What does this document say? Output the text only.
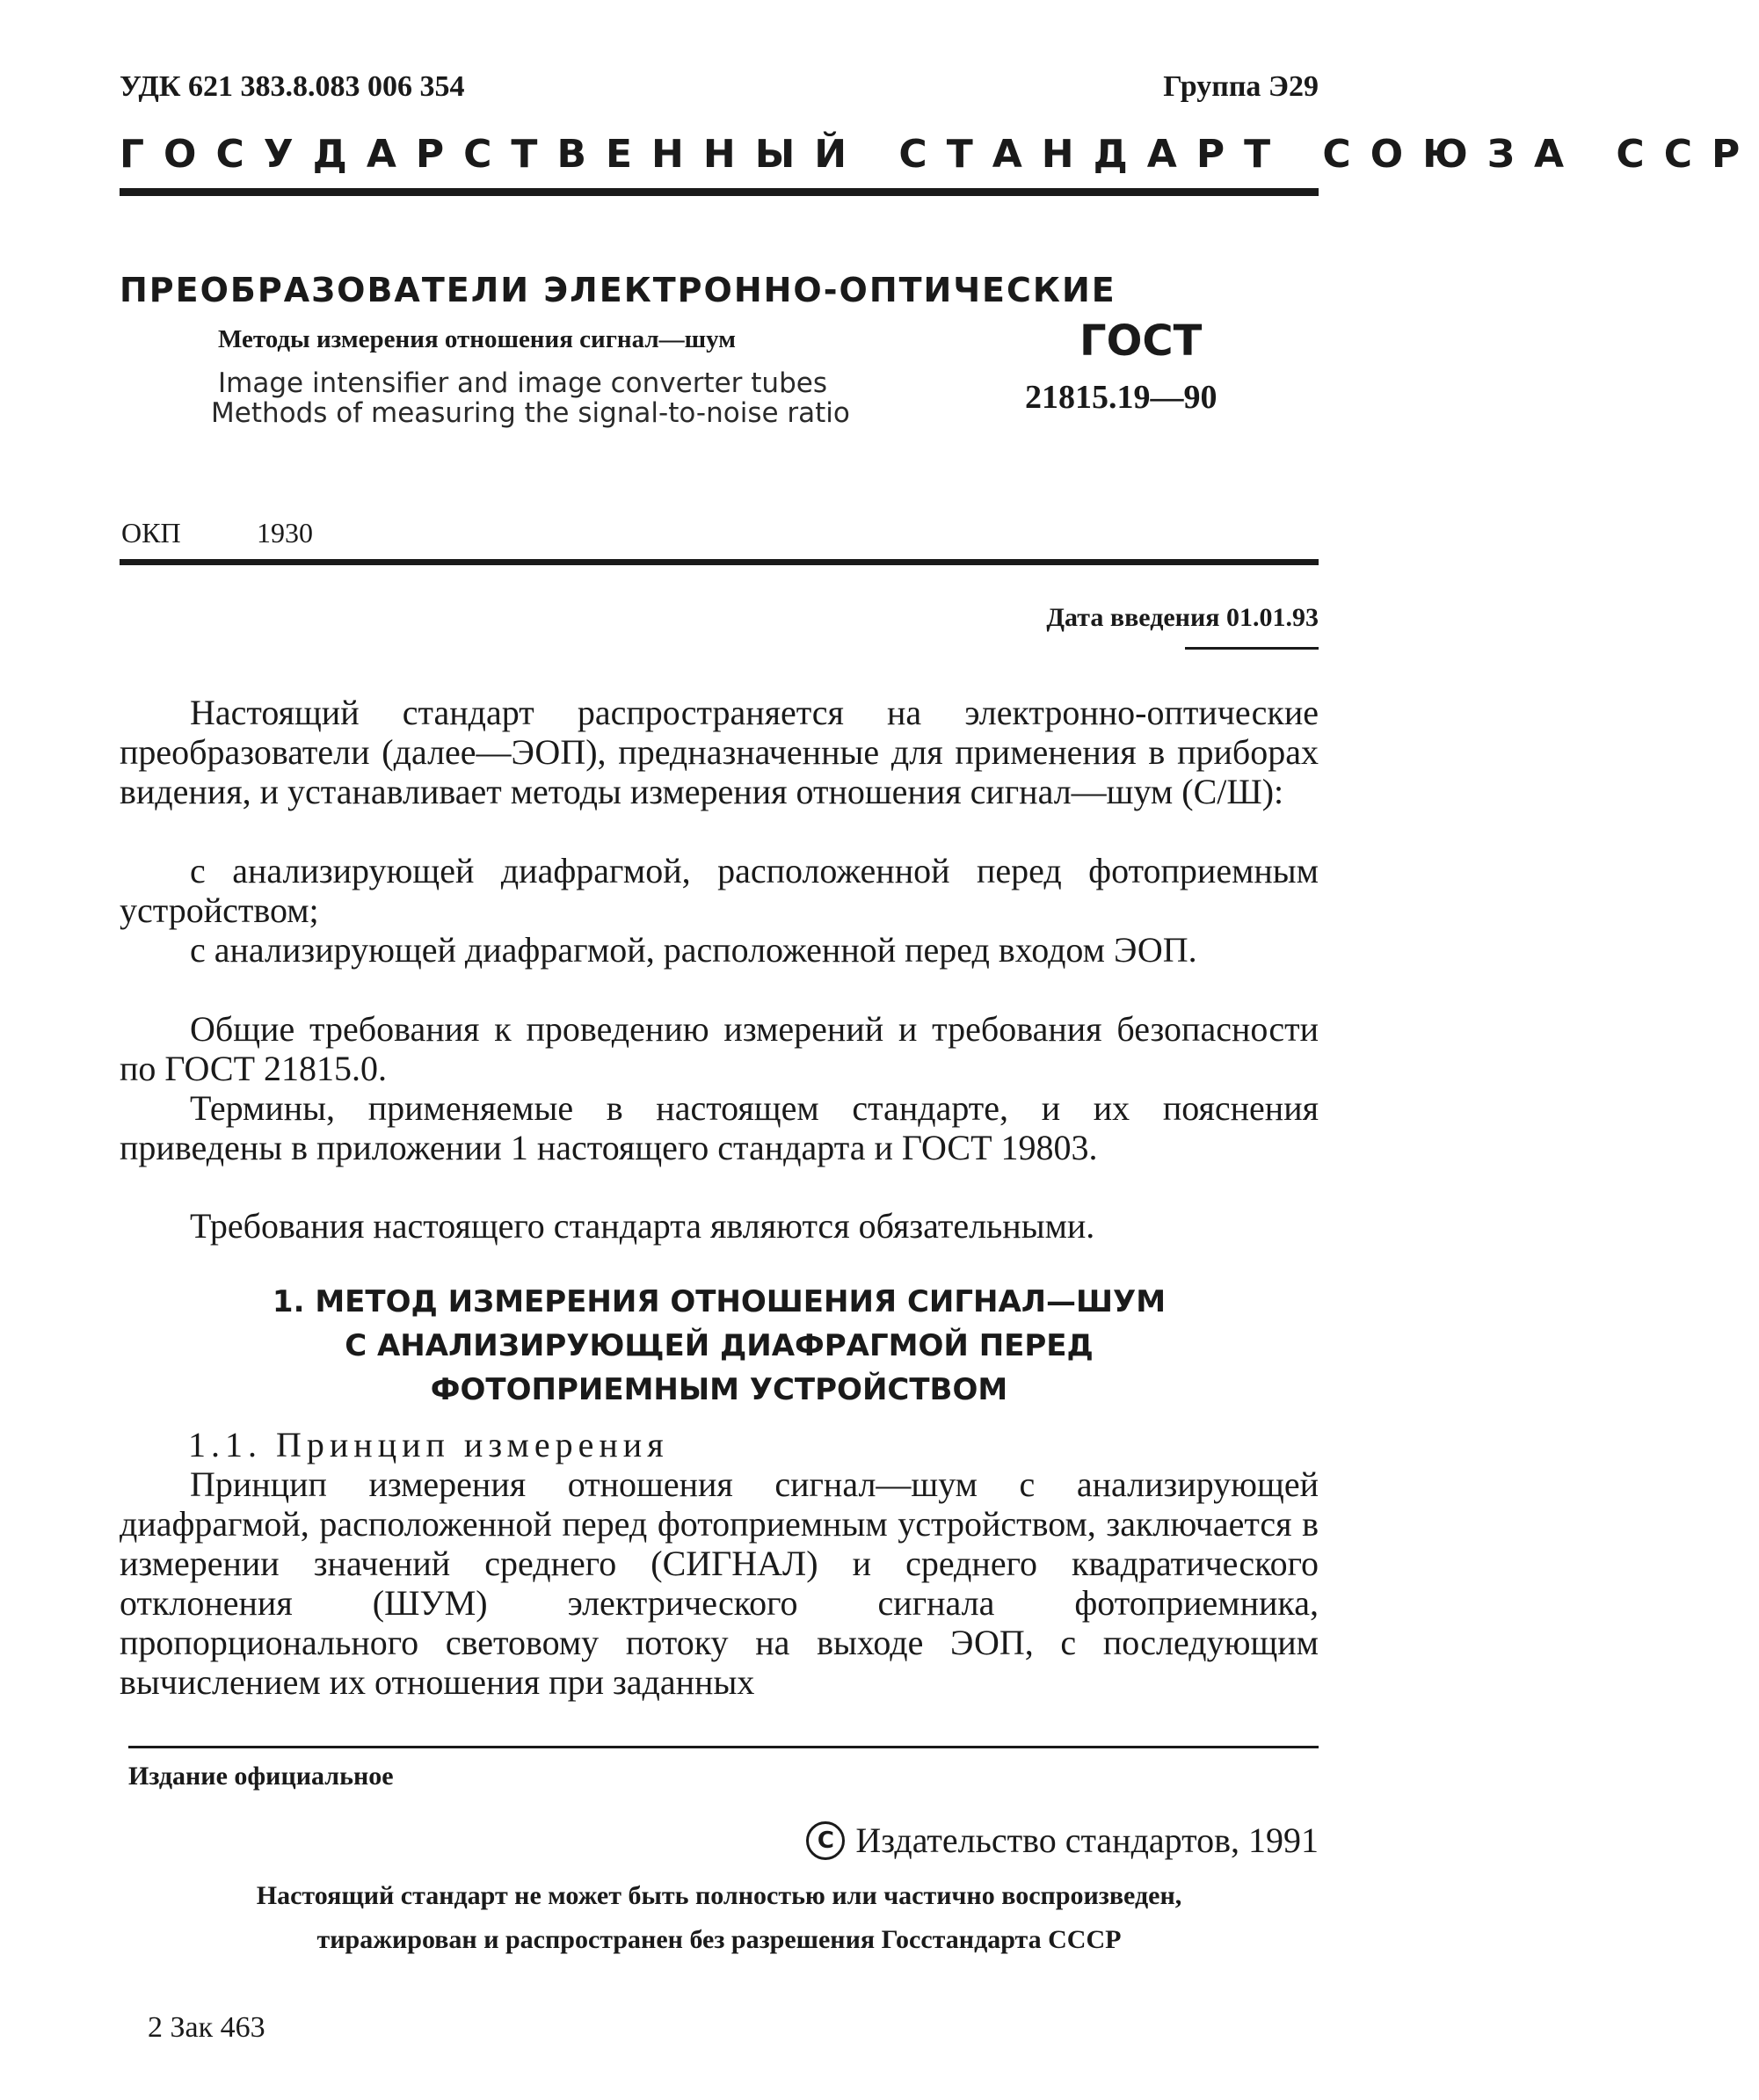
УДК 621 383.8.083 006 354	Группа Э29
ГОСУДАРСТВЕННЫЙ СТАНДАРТ СОЮЗА ССР
ПРЕОБРАЗОВАТЕЛИ ЭЛЕКТРОННО-ОПТИЧЕСКИЕ
Методы измерения отношения сигнал—шум
Image intensifier and image converter tubes
Methods of measuring the signal-to-noise ratio
ГОСТ
21815.19—90
ОКП	1930
Дата введения 01.01.93
Настоящий стандарт распространяется на электронно-оптические преобразователи (далее—ЭОП), предназначенные для применения в приборах видения, и устанавливает методы измерения отношения сигнал—шум (С/Ш):
с анализирующей диафрагмой, расположенной перед фотоприемным устройством;
с анализирующей диафрагмой, расположенной перед входом ЭОП.
Общие требования к проведению измерений и требования безопасности по ГОСТ 21815.0.
Термины, применяемые в настоящем стандарте, и их пояснения приведены в приложении 1 настоящего стандарта и ГОСТ 19803.
Требования настоящего стандарта являются обязательными.
1. МЕТОД ИЗМЕРЕНИЯ ОТНОШЕНИЯ СИГНАЛ—ШУМ
С АНАЛИЗИРУЮЩЕЙ ДИАФРАГМОЙ ПЕРЕД
ФОТОПРИЕМНЫМ УСТРОЙСТВОМ
1.1. Принцип измерения
Принцип измерения отношения сигнал—шум с анализирующей диафрагмой, расположенной перед фотоприемным устройством, заключается в измерении значений среднего (СИГНАЛ) и среднего квадратического отклонения (ШУМ) электрического сигнала фотоприемника, пропорционального световому потоку на выходе ЭОП, с последующим вычислением их отношения при заданных
Издание официальное
С Издательство стандартов, 1991
Настоящий стандарт не может быть полностью или частично воспроизведен,
тиражирован и распространен без разрешения Госстандарта СССР
2 Зак 463
